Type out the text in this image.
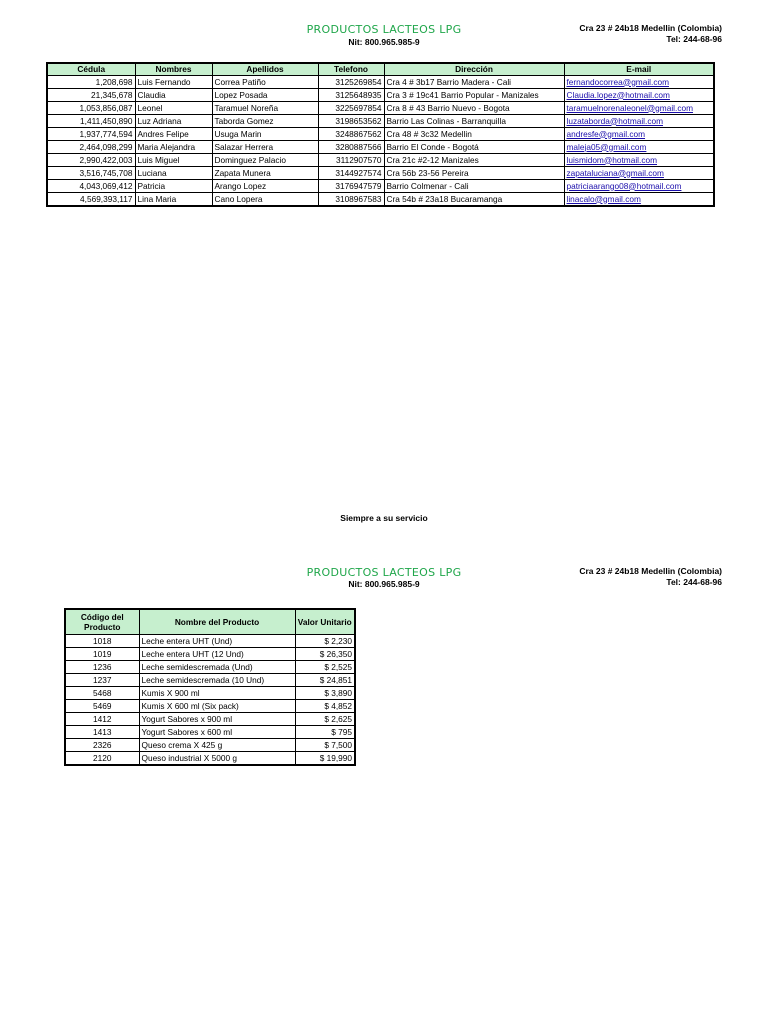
PRODUCTOS LACTEOS LPG
Nit: 800.965.985-9
Cra 23 # 24b18 Medellin (Colombia)
Tel: 244-68-96
Cédula	Nombres	Apellidos	Telefono	Dirección	E-mail
1,208,698	Luis Fernando	Correa Patiño	3125269854	Cra 4 # 3b17 Barrio Madera - Cali	fernandocorrea@gmail.com
21,345,678	Claudia	Lopez Posada	3125648935	Cra 3 # 19c41 Barrio Popular - Manizales	Claudia.lopez@hotmail.com
1,053,856,087	Leonel	Taramuel Noreña	3225697854	Cra 8 # 43 Barrio Nuevo - Bogota	taramuelnorenaleonel@gmail.com
1,411,450,890	Luz Adriana	Taborda Gomez	3198653562	Barrio Las Colinas - Barranquilla	luzataborda@hotmail.com
1,937,774,594	Andres Felipe	Usuga Marin	3248867562	Cra 48 # 3c32 Medellin	andresfe@gmail.com
2,464,098,299	Maria Alejandra	Salazar Herrera	3280887566	Barrio El Conde - Bogotá	maleja05@gmail.com
2,990,422,003	Luis Miguel	Dominguez Palacio	3112907570	Cra 21c #2-12 Manizales	luismidom@hotmail.com
3,516,745,708	Luciana	Zapata Munera	3144927574	Cra 56b 23-56 Pereira	zapataluciana@gmail.com
4,043,069,412	Patricia	Arango Lopez	3176947579	Barrio Colmenar - Cali	patriciaarango08@hotmail.com
4,569,393,117	Lina Maria	Cano Lopera	3108967583	Cra 54b # 23a18 Bucaramanga	linacalo@gmail.com
Siempre a su servicio
PRODUCTOS LACTEOS LPG
Nit: 800.965.985-9
Cra 23 # 24b18 Medellin (Colombia)
Tel: 244-68-96
Código del Producto	Nombre del Producto	Valor Unitario
1018	Leche entera UHT (Und)	$ 2,230
1019	Leche entera UHT (12 Und)	$ 26,350
1236	Leche semidescremada (Und)	$ 2,525
1237	Leche semidescremada (10 Und)	$ 24,851
5468	Kumis X 900 ml	$ 3,890
5469	Kumis X 600 ml (Six pack)	$ 4,852
1412	Yogurt Sabores x 900 ml	$ 2,625
1413	Yogurt Sabores x 600 ml	$ 795
2326	Queso crema X 425 g	$ 7,500
2120	Queso industrial X 5000 g	$ 19,990
